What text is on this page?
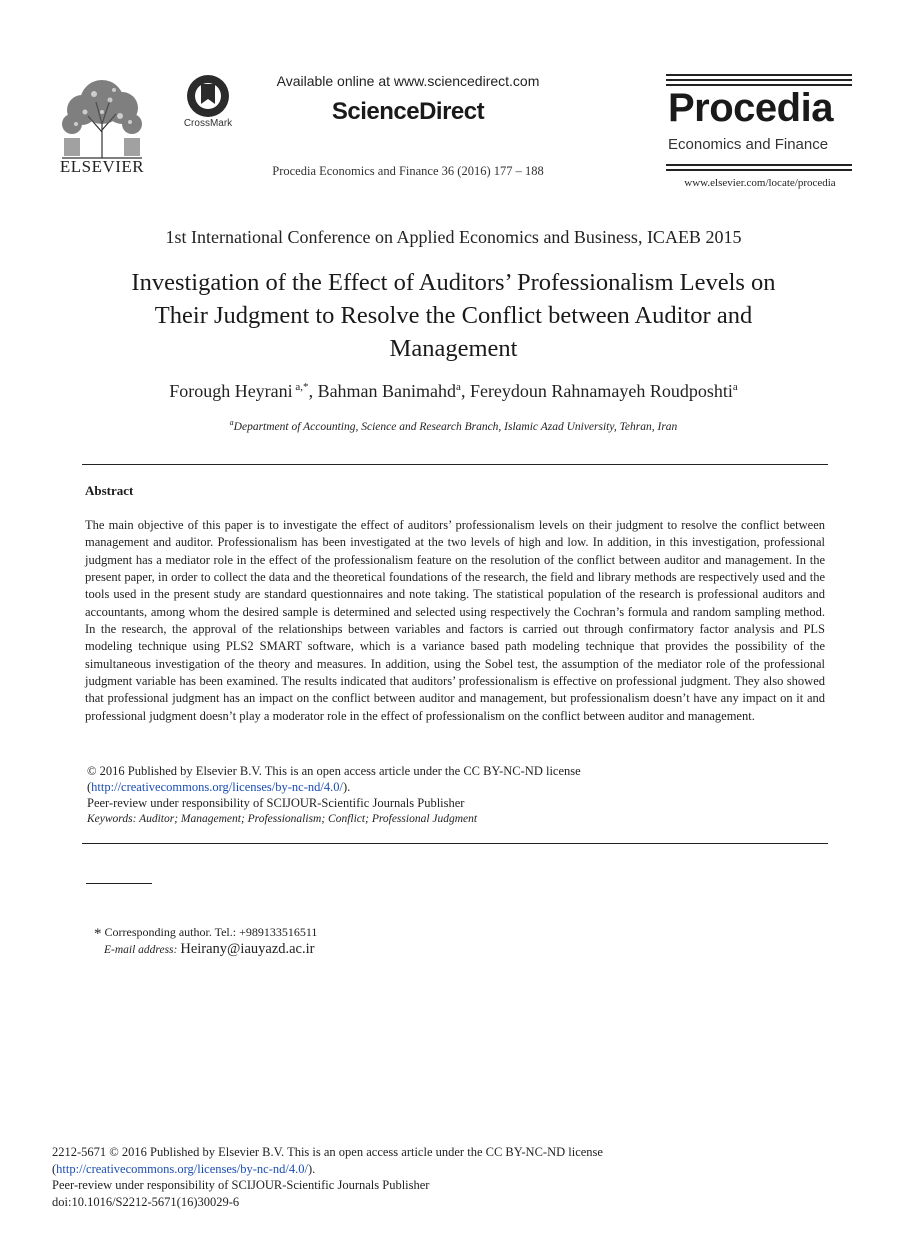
ELSEVIER
CrossMark
Available online at www.sciencedirect.com
ScienceDirect
Procedia Economics and Finance 36 (2016) 177 – 188
Procedia
Economics and Finance
www.elsevier.com/locate/procedia
1st International Conference on Applied Economics and Business, ICAEB 2015
Investigation of the Effect of Auditors’ Professionalism Levels on
Their Judgment to Resolve the Conflict between Auditor and
Management
Forough Heyrani $^{a,*}$, Bahman Banimahd$^a$, Fereydoun Rahnamayeh Roudposhti$^a$
$^a$Department of Accounting, Science and Research Branch, Islamic Azad University, Tehran, Iran
Abstract
The main objective of this paper is to investigate the effect of auditors’ professionalism levels on their judgment to resolve the conflict between management and auditor. Professionalism has been investigated at the two levels of high and low. In addition, in this investigation, professional judgment has a mediator role in the effect of the professionalism feature on the resolution of the conflict between auditor and management. In the present paper, in order to collect the data and the theoretical foundations of the research, the field and library methods are respectively used and the tools used in the present study are standard questionnaires and note taking. The statistical population of the research is professional auditors and accountants, among whom the desired sample is determined and selected using respectively the Cochran’s formula and random sampling method. In the research, the approval of the relationships between variables and factors is carried out through confirmatory factor analysis and PLS modeling technique using PLS2 SMART software, which is a variance based path modeling technique that provides the possibility of the simultaneous investigation of the theory and measures. In addition, using the Sobel test, the assumption of the mediator role of the professional judgment variable has been examined. The results indicated that auditors’ professionalism is effective on professional judgment. They also showed that professional judgment has an impact on the conflict between auditor and management, but professionalism doesn’t have any impact on it and professional judgment doesn’t play a moderator role in the effect of professionalism on the conflict between auditor and management.
© 2016 Published by Elsevier B.V. This is an open access article under the CC BY-NC-ND license
(http://creativecommons.org/licenses/by-nc-nd/4.0/).
Peer-review under responsibility of SCIJOUR-Scientific Journals Publisher
Keywords: Auditor; Management; Professionalism; Conflict; Professional Judgment
* Corresponding author. Tel.: +989133516511
E-mail address: Heirany@iauyazd.ac.ir
2212-5671 © 2016 Published by Elsevier B.V. This is an open access article under the CC BY-NC-ND license
(http://creativecommons.org/licenses/by-nc-nd/4.0/).
Peer-review under responsibility of SCIJOUR-Scientific Journals Publisher
doi:10.1016/S2212-5671(16)30029-6
